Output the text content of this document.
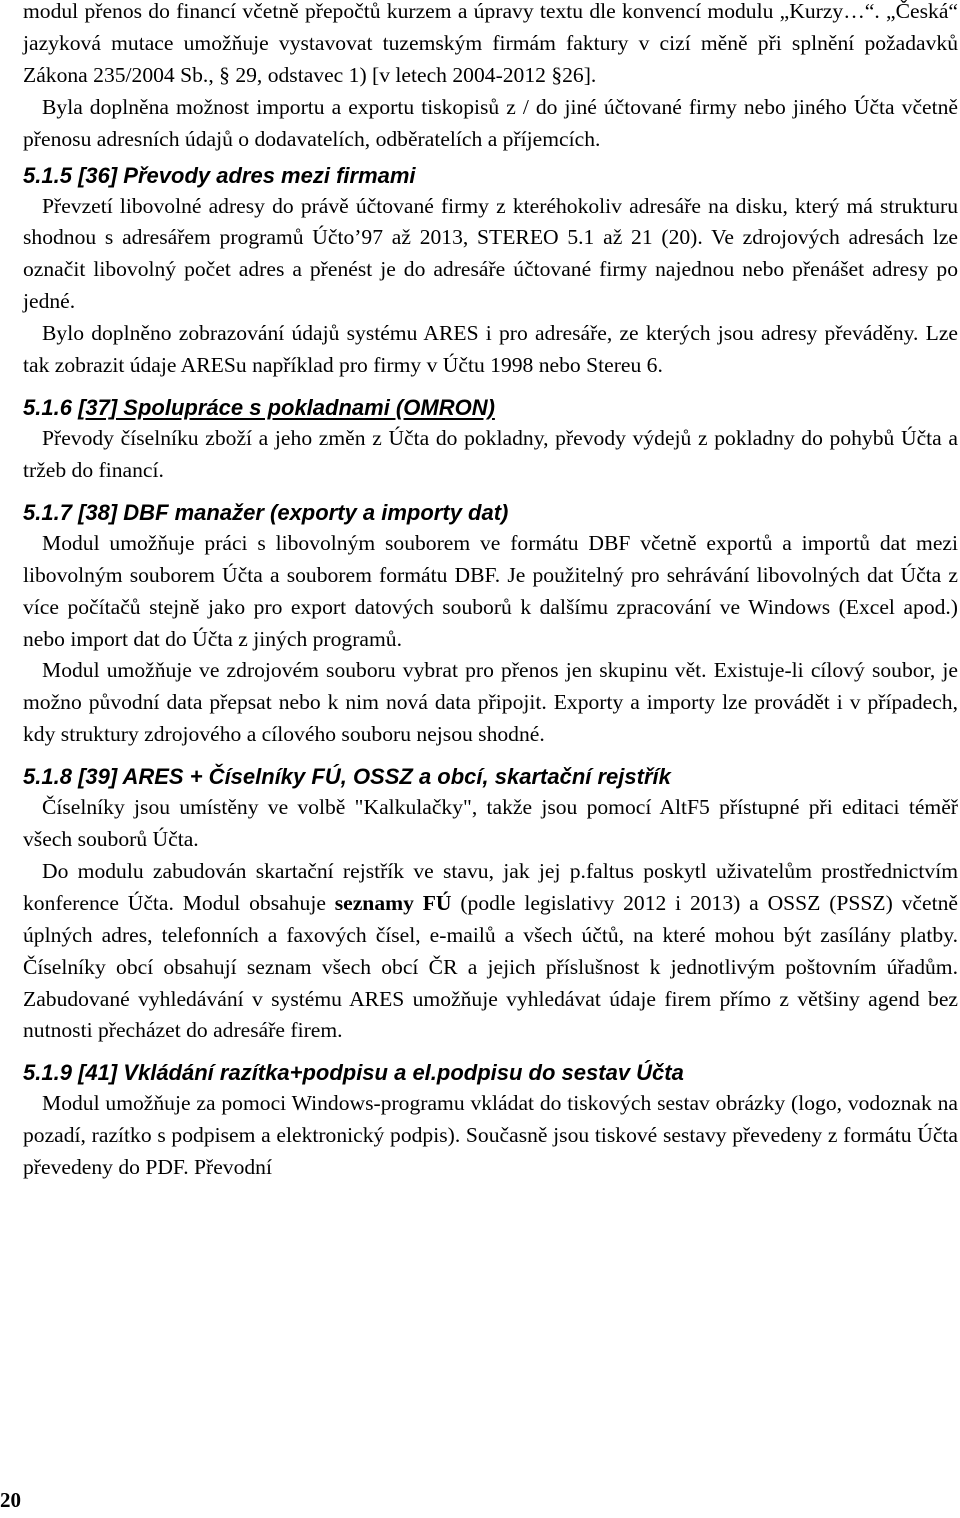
modul přenos do financí včetně přepočtů kurzem a úpravy textu dle konvencí modulu „Kurzy…“. „Česká“ jazyková mutace umožňuje vystavovat tuzemským firmám faktury v cizí měně při splnění požadavků Zákona 235/2004 Sb., § 29, odstavec 1) [v letech 2004-2012 §26].

Byla doplněna možnost importu a exportu tiskopisů z / do jiné účtované firmy nebo jiného Účta včetně přenosu adresních údajů o dodavatelích, odběratelích a příjemcích.

5.1.5 [36] Převody adres mezi firmami

Převzetí libovolné adresy do právě účtované firmy z kteréhokoliv adresáře na disku, který má strukturu shodnou s adresářem programů Účto’97 až 2013, STEREO 5.1 až 21 (20). Ve zdrojových adresách lze označit libovolný počet adres a přenést je do adresáře účtované firmy najednou nebo přenášet adresy po jedné.

Bylo doplněno zobrazování údajů systému ARES i pro adresáře, ze kterých jsou adresy převáděny. Lze tak zobrazit údaje ARESu například pro firmy v Účtu 1998 nebo Stereu 6.

5.1.6 [37] Spolupráce s pokladnami (OMRON)

Převody číselníku zboží a jeho změn z Účta do pokladny, převody výdejů z pokladny do pohybů Účta a tržeb do financí.

5.1.7 [38] DBF manažer (exporty a importy dat)

Modul umožňuje práci s libovolným souborem ve formátu DBF včetně exportů a importů dat mezi libovolným souborem Účta a souborem formátu DBF. Je použitelný pro sehrávání libovolných dat Účta z více počítačů stejně jako pro export datových souborů k dalšímu zpracování ve Windows (Excel apod.) nebo import dat do Účta z jiných programů.

Modul umožňuje ve zdrojovém souboru vybrat pro přenos jen skupinu vět. Existuje-li cílový soubor, je možno původní data přepsat nebo k nim nová data připojit. Exporty a importy lze provádět i v případech, kdy struktury zdrojového a cílového souboru nejsou shodné.

5.1.8 [39] ARES + Číselníky FÚ, OSSZ a obcí, skartační rejstřík

Číselníky jsou umístěny ve volbě "Kalkulačky", takže jsou pomocí AltF5 přístupné při editaci téměř všech souborů Účta.

Do modulu zabudován skartační rejstřík ve stavu, jak jej p.faltus poskytl uživatelům prostřednictvím konference Účta. Modul obsahuje seznamy FÚ (podle legislativy 2012 i 2013) a OSSZ (PSSZ) včetně úplných adres, telefonních a faxových čísel, e-mailů a všech účtů, na které mohou být zasílány platby. Číselníky obcí obsahují seznam všech obcí ČR a jejich příslušnost k jednotlivým poštovním úřadům. Zabudované vyhledávání v systému ARES umožňuje vyhledávat údaje firem přímo z většiny agend bez nutnosti přecházet do adresáře firem.

5.1.9 [41] Vkládání razítka+podpisu a el.podpisu do sestav Účta

Modul umožňuje za pomoci Windows-programu vkládat do tiskových sestav obrázky (logo, vodoznak na pozadí, razítko s podpisem a elektronický podpis). Současně jsou tiskové sestavy převedeny z formátu Účta převedeny do PDF. Převodní

20
